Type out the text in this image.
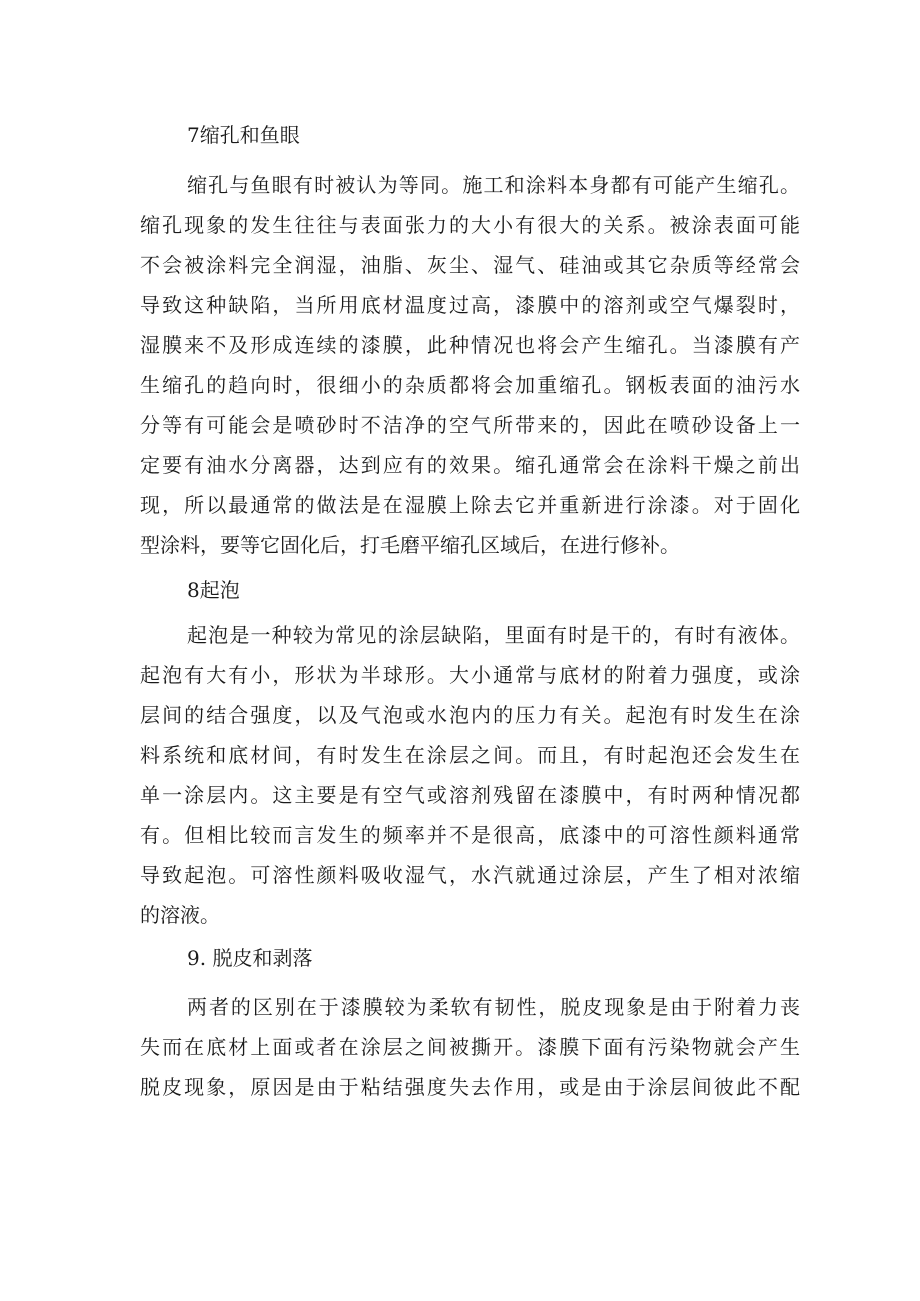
7缩孔和鱼眼
缩孔与鱼眼有时被认为等同。施工和涂料本身都有可能产生缩孔。
缩孔现象的发生往往与表面张力的大小有很大的关系。被涂表面可能
不会被涂料完全润湿，油脂、灰尘、湿气、硅油或其它杂质等经常会
导致这种缺陷，当所用底材温度过高，漆膜中的溶剂或空气爆裂时，
湿膜来不及形成连续的漆膜，此种情况也将会产生缩孔。当漆膜有产
生缩孔的趋向时，很细小的杂质都将会加重缩孔。钢板表面的油污水
分等有可能会是喷砂时不洁净的空气所带来的，因此在喷砂设备上一
定要有油水分离器，达到应有的效果。缩孔通常会在涂料干燥之前出
现，所以最通常的做法是在湿膜上除去它并重新进行涂漆。对于固化
型涂料，要等它固化后，打毛磨平缩孔区域后，在进行修补。
8起泡
起泡是一种较为常见的涂层缺陷，里面有时是干的，有时有液体。
起泡有大有小，形状为半球形。大小通常与底材的附着力强度，或涂
层间的结合强度，以及气泡或水泡内的压力有关。起泡有时发生在涂
料系统和底材间，有时发生在涂层之间。而且，有时起泡还会发生在
单一涂层内。这主要是有空气或溶剂残留在漆膜中，有时两种情况都
有。但相比较而言发生的频率并不是很高，底漆中的可溶性颜料通常
导致起泡。可溶性颜料吸收湿气，水汽就通过涂层，产生了相对浓缩
的溶液。
9. 脱皮和剥落
两者的区别在于漆膜较为柔软有韧性，脱皮现象是由于附着力丧
失而在底材上面或者在涂层之间被撕开。漆膜下面有污染物就会产生
脱皮现象，原因是由于粘结强度失去作用，或是由于涂层间彼此不配
